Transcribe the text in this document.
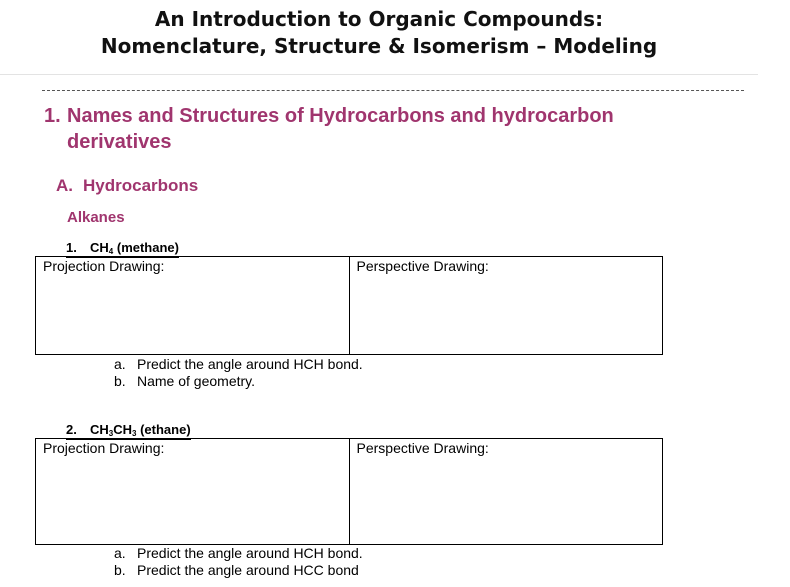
An Introduction to Organic Compounds:
Nomenclature, Structure & Isomerism – Modeling
1. Names and Structures of Hydrocarbons and hydrocarbon
derivatives
A. Hydrocarbons
Alkanes
1. $CH_4$ (methane)
Projection Drawing:	Perspective Drawing:
a. Predict the angle around HCH bond.
b. Name of geometry.
2. $CH_3CH_3$ (ethane)
Projection Drawing:	Perspective Drawing:
a. Predict the angle around HCH bond.
b. Predict the angle around HCC bond
